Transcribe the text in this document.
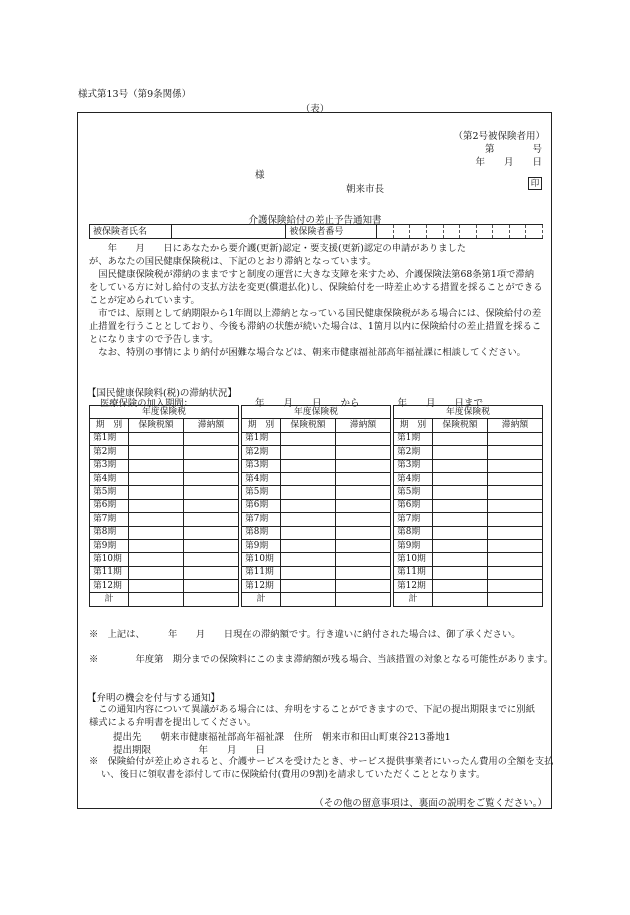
様式第13号（第9条関係）
（表）
（第2号被保険者用）
第　　　　号
年　　月　　日
様
朝来市長	印
介護保険給付の差止予告通知書
被保険者氏名		被保険者番号										
　　年　　月　　日にあなたから要介護(更新)認定・要支援(更新)認定の申請がありました
が、あなたの国民健康保険税は、下記のとおり滞納となっています。
　国民健康保険税が滞納のままですと制度の運営に大きな支障を来すため、介護保険法第68条第1項で滞納をしている方に対し給付の支払方法を変更(償還払化)し、保険給付を一時差止めする措置を採ることができることが定められています。
　市では、原則として納期限から1年間以上滞納となっている国民健康保険税がある場合には、保険給付の差止措置を行うこととしており、今後も滞納の状態が続いた場合は、1箇月以内に保険給付の差止措置を採ることになりますので予告します。
　なお、特別の事情により納付が困難な場合などは、朝来市健康福祉部高年福祉課に相談してください。
【国民健康保険料(税)の滞納状況】
医療保険の加入期間：	年　　月　　日　　から　　　　年　　月　　日まで
年度保険税		
期　別	保険税額	滞納額
第1期		
第2期		
第3期		
第4期		
第5期		
第6期		
第7期		
第8期		
第9期		
第10期		
第11期		
第12期		
計		
年度保険税		
期　別	保険税額	滞納額
第1期		
第2期		
第3期		
第4期		
第5期		
第6期		
第7期		
第8期		
第9期		
第10期		
第11期		
第12期		
計		
年度保険税		
期　別	保険税額	滞納額
第1期		
第2期		
第3期		
第4期		
第5期		
第6期		
第7期		
第8期		
第9期		
第10期		
第11期		
第12期		
計		
※　上記は、　　　年　　月　　日現在の滞納額です。行き違いに納付された場合は、御了承ください。
※　　　　年度第　期分までの保険料にこのまま滞納額が残る場合、当該措置の対象となる可能性があります。
【弁明の機会を付与する通知】
　この通知内容について異議がある場合には、弁明をすることができますので、下記の提出期限までに別紙様式による弁明書を提出してください。
提出先　　朝来市健康福祉部高年福祉課　住所　朝来市和田山町東谷213番地1
提出期限　　　　　年　　月　　日
※　保険給付が差止めされると、介護サービスを受けたとき、サービス提供事業者にいったん費用の全額を支払い、後日に領収書を添付して市に保険給付(費用の9割)を請求していただくこととなります。
（その他の留意事項は、裏面の説明をご覧ください。）
